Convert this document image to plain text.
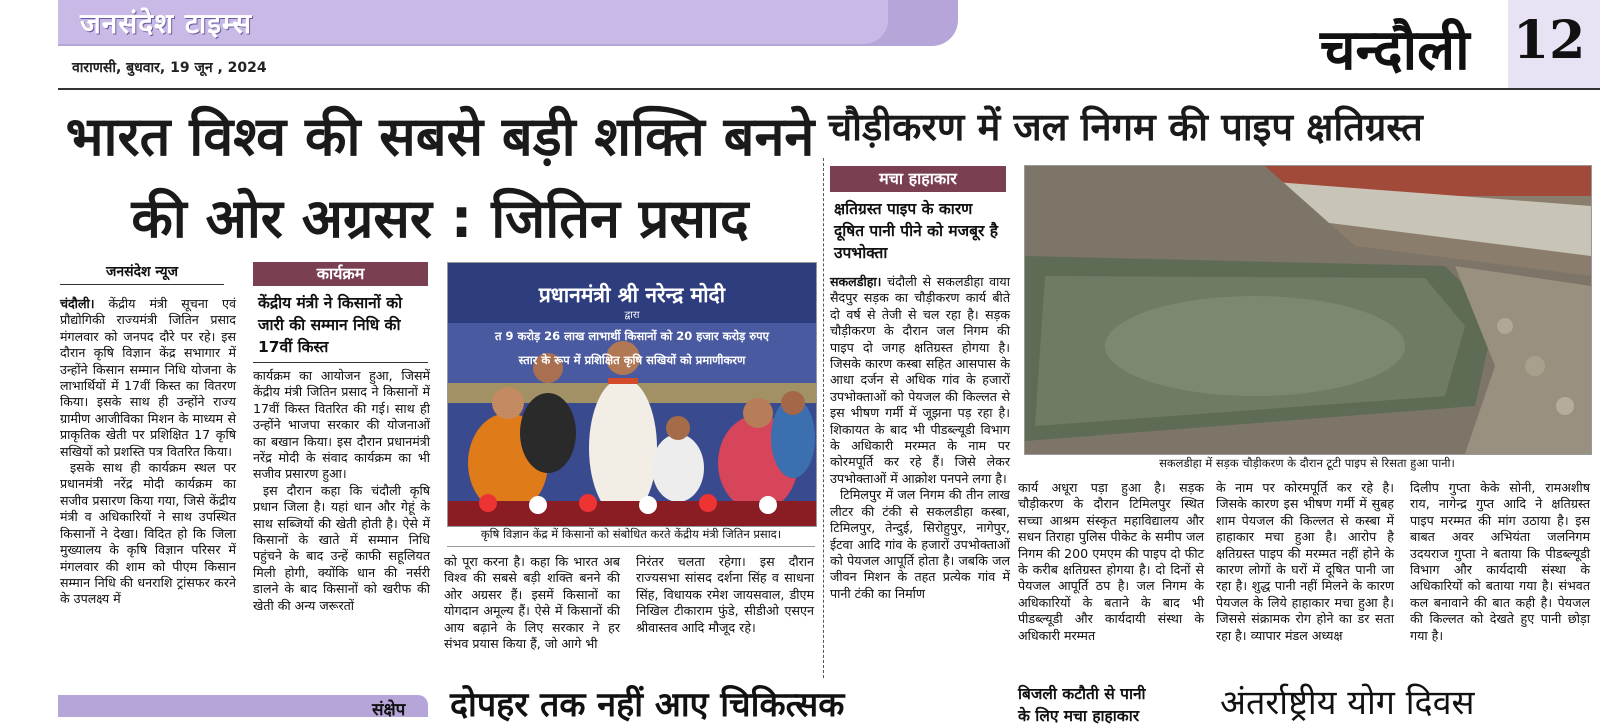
जनसंदेश टाइम्स
वाराणसी, बुधवार, 19 जून , 2024	चन्दौली 12
भारत विश्व की सबसे बड़ी शक्ति बनने
की ओर अग्रसर : जितिन प्रसाद
चौड़ीकरण में जल निगम की पाइप क्षतिग्रस्त
जनसंदेश न्यूज

चंदौली। केंद्रीय मंत्री सूचना एवं प्रौद्योगिकी राज्यमंत्री जितिन प्रसाद मंगलवार को जनपद दौरे पर रहे। इस दौरान कृषि विज्ञान केंद्र सभागार में उन्होंने किसान सम्मान निधि योजना के लाभार्थियों में 17वीं किस्त का वितरण किया। इसके साथ ही उन्होंने राज्य ग्रामीण आजीविका मिशन के माध्यम से प्राकृतिक खेती पर प्रशिक्षित 17 कृषि सखियों को प्रशस्ति पत्र वितरित किया।

इसके साथ ही कार्यक्रम स्थल पर प्रधानमंत्री नरेंद्र मोदी कार्यक्रम का सजीव प्रसारण किया गया, जिसे केंद्रीय मंत्री व अधिकारियों ने साथ उपस्थित किसानों ने देखा। विदित हो कि जिला मुख्यालय के कृषि विज्ञान परिसर में मंगलवार की शाम को पीएम किसान सम्मान निधि की धनराशि ट्रांसफर करने के उपलक्ष्य में

कार्यक्रम
केंद्रीय मंत्री ने किसानों को जारी की सम्मान निधि की 17वीं किस्त

कार्यक्रम का आयोजन हुआ, जिसमें केंद्रीय मंत्री जितिन प्रसाद ने किसानों में 17वीं किस्त वितरित की गई। साथ ही उन्होंने भाजपा सरकार की योजनाओं का बखान किया। इस दौरान प्रधानमंत्री नरेंद्र मोदी के संवाद कार्यक्रम का भी सजीव प्रसारण हुआ।

इस दौरान कहा कि चंदौली कृषि प्रधान जिला है। यहां धान और गेहूं के साथ सब्जियों की खेती होती है। ऐसे में किसानों के खाते में सम्मान निधि पहुंचने के बाद उन्हें काफी सहूलियत मिली होगी, क्योंकि धान की नर्सरी डालने के बाद किसानों को खरीफ की खेती की अन्य जरूरतों

प्रधानमंत्री श्री नरेन्द्र मोदी
द्वारा
त 9 करोड़ 26 लाख लाभार्थी किसानों को 20 हजार करोड़ रुपए
स्तार के रूप में प्रशिक्षित कृषि सखियों को प्रमाणीकरण
कृषि विज्ञान केंद्र में किसानों को संबोधित करते केंद्रीय मंत्री जितिन प्रसाद।
को पूरा करना है। कहा कि भारत अब विश्व की सबसे बड़ी शक्ति बनने की ओर अग्रसर हैं। इसमें किसानों का योगदान अमूल्य हैं। ऐसे में किसानों की आय बढ़ाने के लिए सरकार ने हर संभव प्रयास किया हैं, जो आगे भी
निरंतर चलता रहेगा। इस दौरान राज्यसभा सांसद दर्शना सिंह व साधना सिंह, विधायक रमेश जायसवाल, डीएम निखिल टीकाराम फुंडे, सीडीओ एसएन श्रीवास्तव आदि मौजूद रहे।
मचा हाहाकार
क्षतिग्रस्त पाइप के कारण दूषित पानी पीने को मजबूर है उपभोक्ता

सकलडीहा। चंदौली से सकलडीहा वाया सैदपुर सड़क का चौड़ीकरण कार्य बीते दो वर्ष से तेजी से चल रहा है। सड़क चौड़ीकरण के दौरान जल निगम की पाइप दो जगह क्षतिग्रस्त होगया है। जिसके कारण कस्बा सहित आसपास के आधा दर्जन से अधिक गांव के हजारों उपभोक्ताओं को पेयजल की किल्लत से इस भीषण गर्मी में जूझना पड़ रहा है। शिकायत के बाद भी पीडब्ल्यूडी विभाग के अधिकारी मरम्मत के नाम पर कोरमपूर्ति कर रहे हैं। जिसे लेकर उपभोक्ताओं में आक्रोश पनपने लगा है।

टिमिलपुर में जल निगम की तीन लाख लीटर की टंकी से सकलडीहा कस्बा, टिमिलपुर, तेन्दुई, सिरोहुपुर, नागेपुर, ईटवा आदि गांव के हजारों उपभोक्ताओं को पेयजल आपूर्ति होता है। जबकि जल जीवन मिशन के तहत प्रत्येक गांव में पानी टंकी का निर्माण

सकलडीहा में सड़क चौड़ीकरण के दौरान टूटी पाइप से रिसता हुआ पानी।
कार्य अधूरा पड़ा हुआ है। सड़क चौड़ीकरण के दौरान टिमिलपुर स्थित सच्चा आश्रम संस्कृत महाविद्यालय और सधन तिराहा पुलिस पीकेट के समीप जल निगम की 200 एमएम की पाइप दो फीट के करीब क्षतिग्रस्त होगया है। दो दिनों से पेयजल आपूर्ति ठप है। जल निगम के अधिकारियों के बताने के बाद भी पीडब्ल्यूडी और कार्यदायी संस्था के अधिकारी मरम्मत
के नाम पर कोरमपूर्ति कर रहे है। जिसके कारण इस भीषण गर्मी में सुबह शाम पेयजल की किल्लत से कस्बा में हाहाकार मचा हुआ है। आरोप है क्षतिग्रस्त पाइप की मरम्मत नहीं होने के कारण लोगों के घरों में दूषित पानी जा रहा है। शुद्ध पानी नहीं मिलने के कारण पेयजल के लिये हाहाकार मचा हुआ है। जिससे संक्रामक रोग होने का डर सता रहा है। व्यापार मंडल अध्यक्ष
दिलीप गुप्ता केके सोनी, रामअशीष राय, नागेन्द्र गुप्त आदि ने क्षतिग्रस्त पाइप मरम्मत की मांग उठाया है। इस बाबत अवर अभियंता जलनिगम उदयराज गुप्ता ने बताया कि पीडब्ल्यूडी विभाग और कार्यदायी संस्था के अधिकारियों को बताया गया है। संभवत कल बनावाने की बात कही है। पेयजल की किल्लत को देखते हुए पानी छोड़ा गया है।
संक्षेप दोपहर तक नहीं आए चिकित्सक	बिजली कटौती से पानी
के लिए मचा हाहाकार अंतर्राष्ट्रीय योग दिवस
